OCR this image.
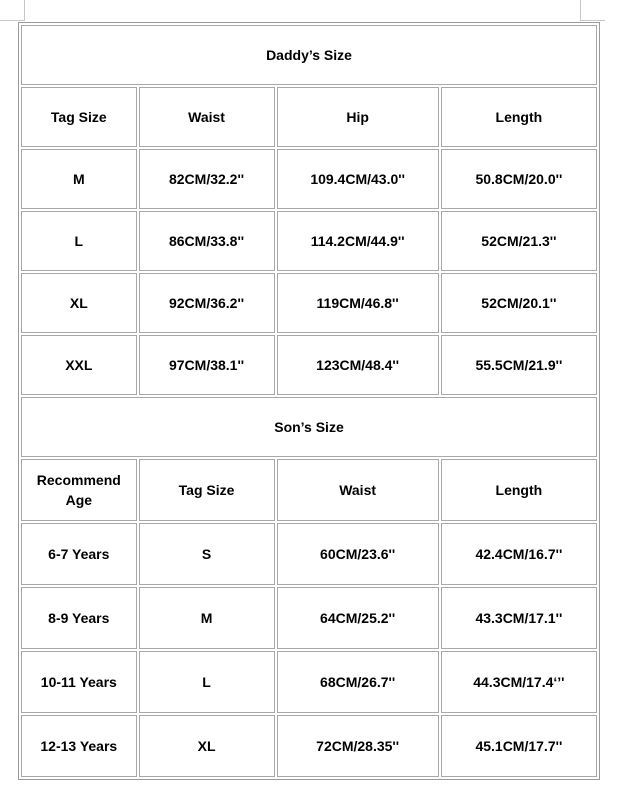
Daddy’s Size			
Tag Size	Waist	Hip	Length
M	82CM/32.2''	109.4CM/43.0''	50.8CM/20.0''
L	86CM/33.8''	114.2CM/44.9''	52CM/21.3''
XL	92CM/36.2''	119CM/46.8''	52CM/20.1''
XXL	97CM/38.1''	123CM/48.4''	55.5CM/21.9''
Son’s Size			

Recommend
Age	Tag Size	Waist	Length
6-7 Years	S	60CM/23.6''	42.4CM/16.7''
8-9 Years	M	64CM/25.2''	43.3CM/17.1''
10-11 Years	L	68CM/26.7''	44.3CM/17.4‘’'
12-13 Years	XL	72CM/28.35''	45.1CM/17.7''
